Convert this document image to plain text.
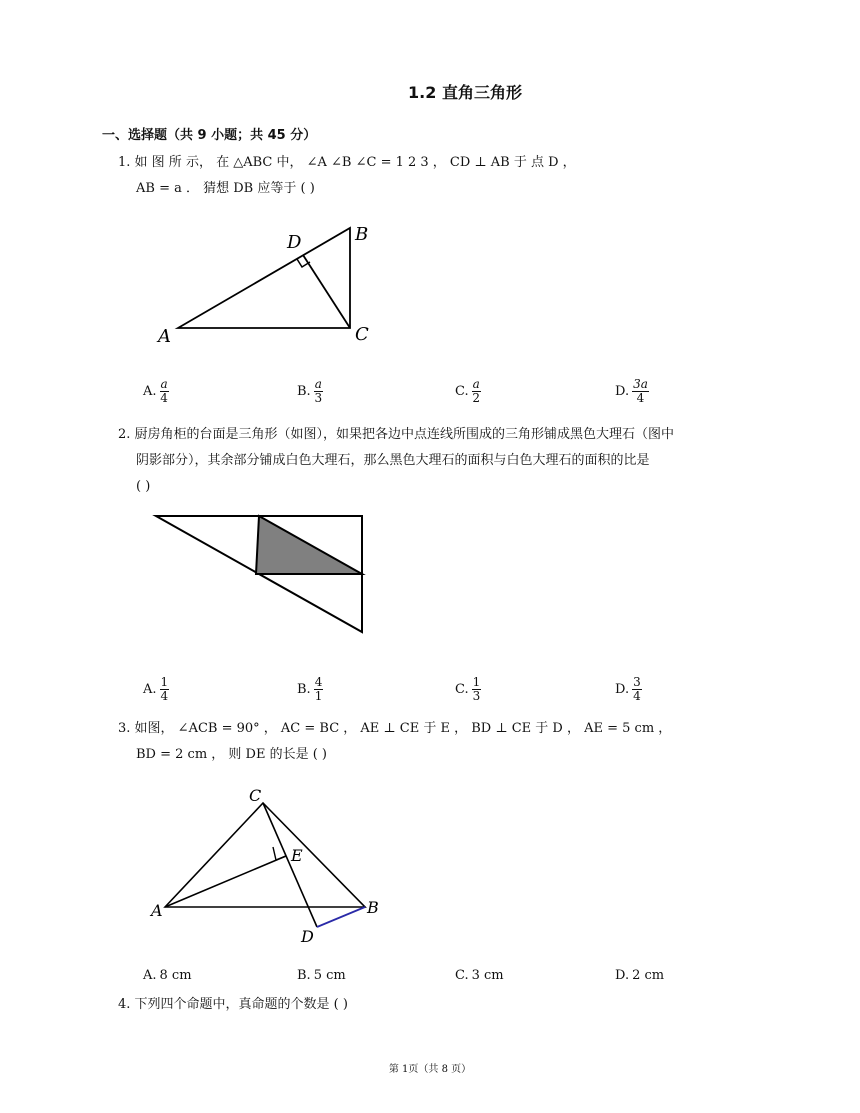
1.2 直角三角形
一、选择题（共 9 小题；共 45 分）
1. 如 图 所 示， 在 △ABC 中， ∠A ∠B ∠C = 1 2 3 ， CD ⊥ AB 于 点 D ，
AB = a ． 猜想 DB 应等于 ( )
D	B
A	C
A. $\frac{a}{4}$	B. $\frac{a}{3}$	C. $\frac{a}{2}$	D. $\frac{3a}{4}$
2. 厨房角柜的台面是三角形（如图），如果把各边中点连线所围成的三角形铺成黑色大理石（图中
阴影部分），其余部分铺成白色大理石，那么黑色大理石的面积与白色大理石的面积的比是
( )
A. $\frac{1}{4}$	B. $\frac{4}{1}$	C. $\frac{1}{3}$	D. $\frac{3}{4}$
3. 如图， ∠ACB = 90° ， AC = BC ， AE ⊥ CE 于 E ， BD ⊥ CE 于 D ， AE = 5 cm ，
BD = 2 cm ， 则 DE 的长是 ( )
C
E
A	B
D
A. 8 cm	B. 5 cm	C. 3 cm	D. 2 cm
4. 下列四个命题中，真命题的个数是 ( )
第 1页（共 8 页）
